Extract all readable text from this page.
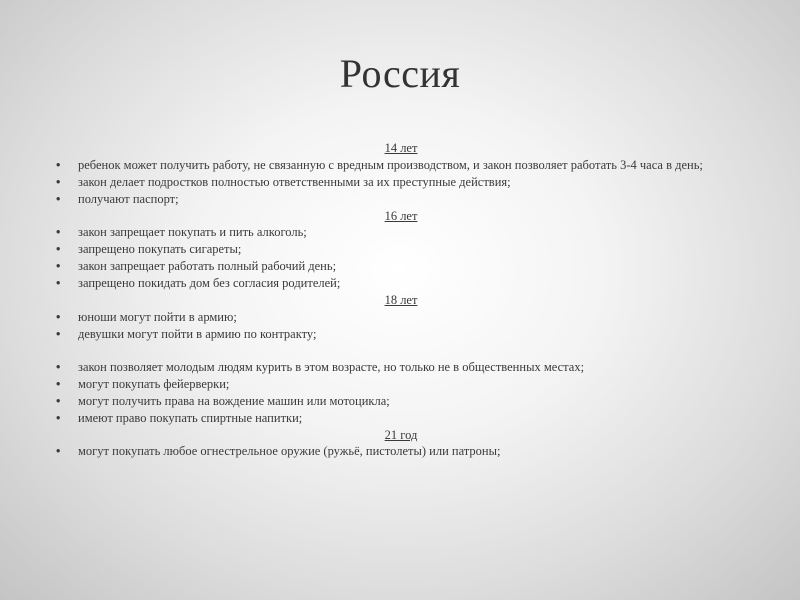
Россия
14 лет
• ребенок может получить работу, не связанную с вредным производством, и закон позволяет работать 3-4 часа в день;
• закон делает подростков полностью ответственными за их преступные действия;
• получают паспорт;
16 лет
• закон запрещает покупать и пить алкоголь;
• запрещено покупать сигареты;
• закон запрещает работать полный рабочий день;
• запрещено покидать дом без согласия родителей;
18 лет
• юноши могут пойти в армию;
• девушки могут пойти в армию по контракту;
• закон позволяет молодым людям курить в этом возрасте, но только не в общественных местах;
• могут покупать фейерверки;
• могут получить права на вождение машин или мотоцикла;
• имеют право покупать спиртные напитки;
21 год
• могут покупать любое огнестрельное оружие (ружьё, пистолеты) или патроны;
